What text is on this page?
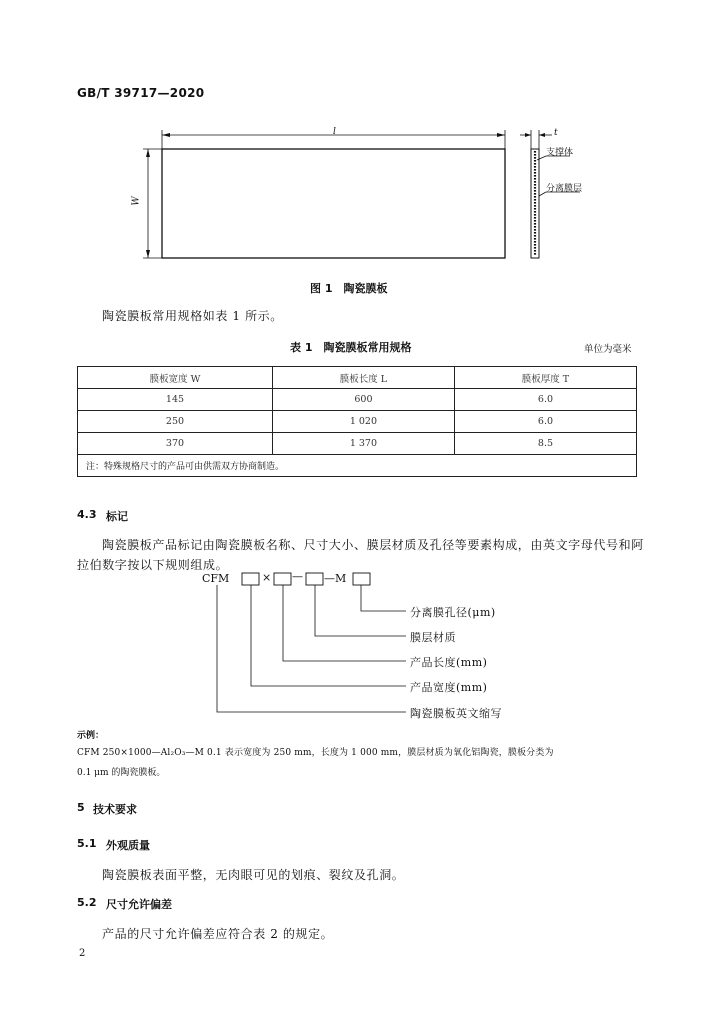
GB/T 39717—2020
l
W
t
支撑体
分离膜层
图 1　陶瓷膜板
陶瓷膜板常用规格如表 1 所示。
表 1　陶瓷膜板常用规格	单位为毫米
膜板宽度 W	膜板长度 L	膜板厚度 T
145	600	6.0
250	1 020	6.0
370	1 370	8.5
注：特殊规格尺寸的产品可由供需双方协商制造。		
4.3 标记
陶瓷膜板产品标记由陶瓷膜板名称、尺寸大小、膜层材质及孔径等要素构成，由英文字母代号和阿
拉伯数字按以下规则组成。
CFM	× — —M
分离膜孔径(μm)
膜层材质
产品长度(mm)
产品宽度(mm)
陶瓷膜板英文缩写
示例：
CFM 250×1000—Al₂O₃—M 0.1 表示宽度为 250 mm，长度为 1 000 mm，膜层材质为氧化铝陶瓷，膜板分类为
0.1 μm 的陶瓷膜板。
5 技术要求
5.1 外观质量
陶瓷膜板表面平整，无肉眼可见的划痕、裂纹及孔洞。
5.2 尺寸允许偏差
产品的尺寸允许偏差应符合表 2 的规定。
2
